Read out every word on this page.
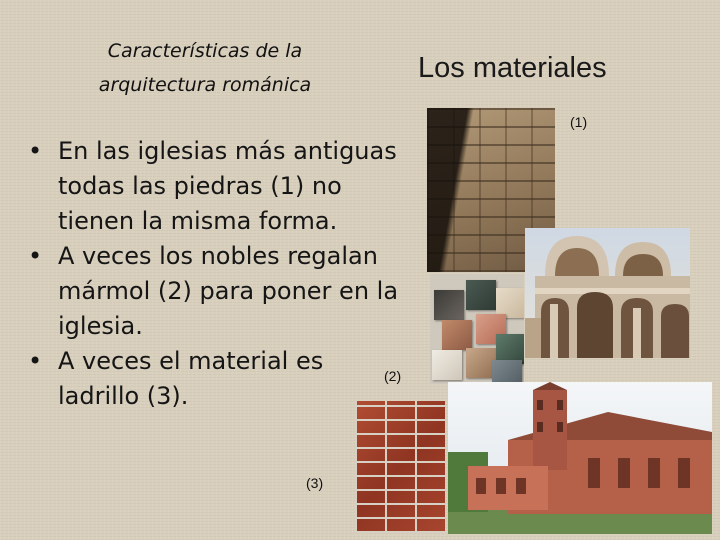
Características de la
arquitectura románica
Los materiales
• En las iglesias más antiguas
todas las piedras (1) no
tienen la misma forma.
• A veces los nobles regalan
mármol (2) para poner en la
iglesia.
• A veces el material es
ladrillo (3).
(1)
(2)
(3)
